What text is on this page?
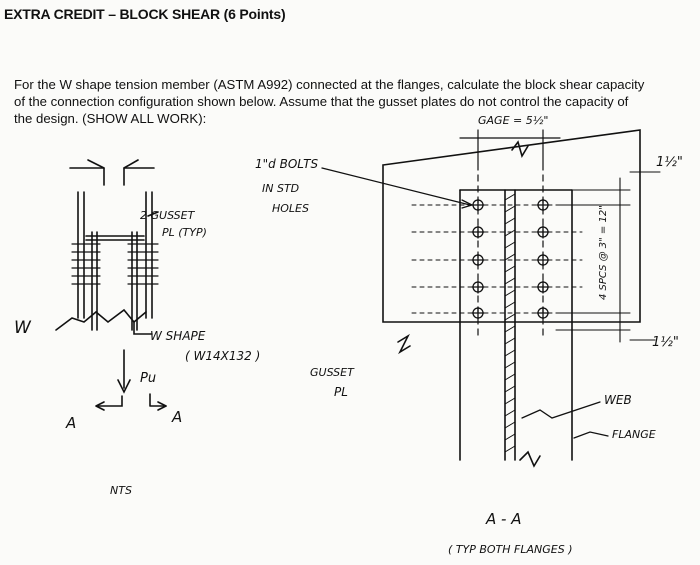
EXTRA CREDIT – BLOCK SHEAR (6 Points)
For the W shape tension member (ASTM A992) connected at the flanges, calculate the block shear capacity
of the connection configuration shown below. Assume that the gusset plates do not control the capacity of
the design. (SHOW ALL WORK):
2 GUSSET
PL (TYP)
W	W SHAPE
( W14X132 )
Pu
A	A
NTS
GAGE = 5½"
1"d BOLTS
IN STD
HOLES
1½"
1½"
4 SPCS @ 3" = 12"
GUSSET
PL
WEB
FLANGE
A - A
( TYP BOTH FLANGES )
